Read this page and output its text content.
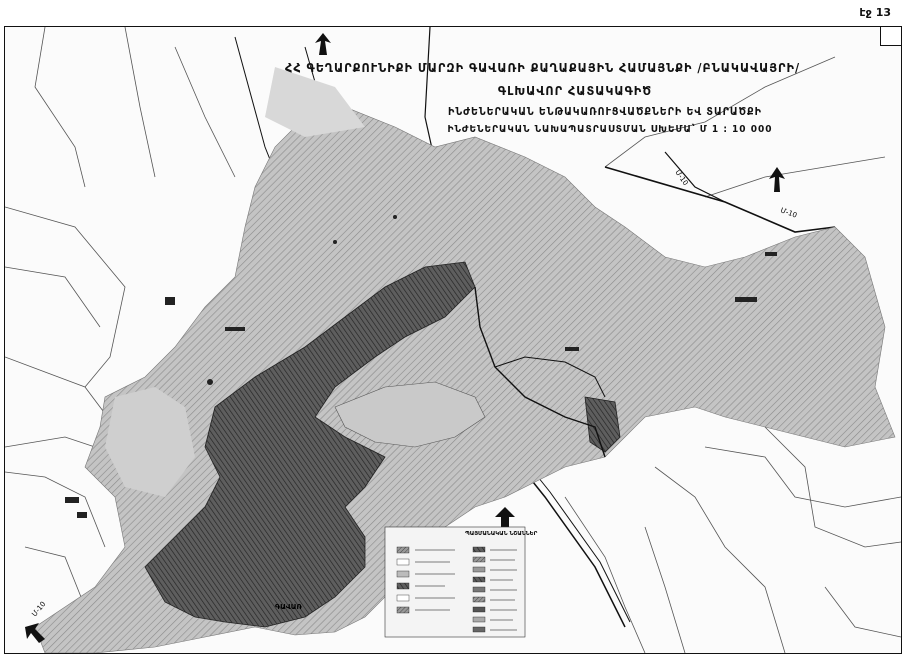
էջ 13
Մ-10
Մ-10
Մ-10	ԳԱՎԱՌ
ՊԱՅՄԱՆԱԿԱՆ ՆՇԱՆՆԵՐ
ՀՀ ԳԵՂԱՐՔՈՒՆԻՔԻ ՄԱՐԶԻ ԳԱՎԱՌԻ ՔԱՂԱՔԱՅԻՆ ՀԱՄԱՅՆՔԻ /ԲՆԱԿԱՎԱՅՐԻ/
ԳԼԽԱՎՈՐ ՀԱՏԱԿԱԳԻԾ
ԻՆԺԵՆԵՐԱԿԱՆ ԵՆԹԱԿԱՌՈՒՑՎԱԾՔՆԵՐԻ ԵՎ ՏԱՐԱԾՔԻ
ԻՆԺԵՆԵՐԱԿԱՆ ՆԱԽԱՊԱՏՐԱՍՏՄԱՆ ՍԽԵՄԱ՝ Մ 1 : 10 000
